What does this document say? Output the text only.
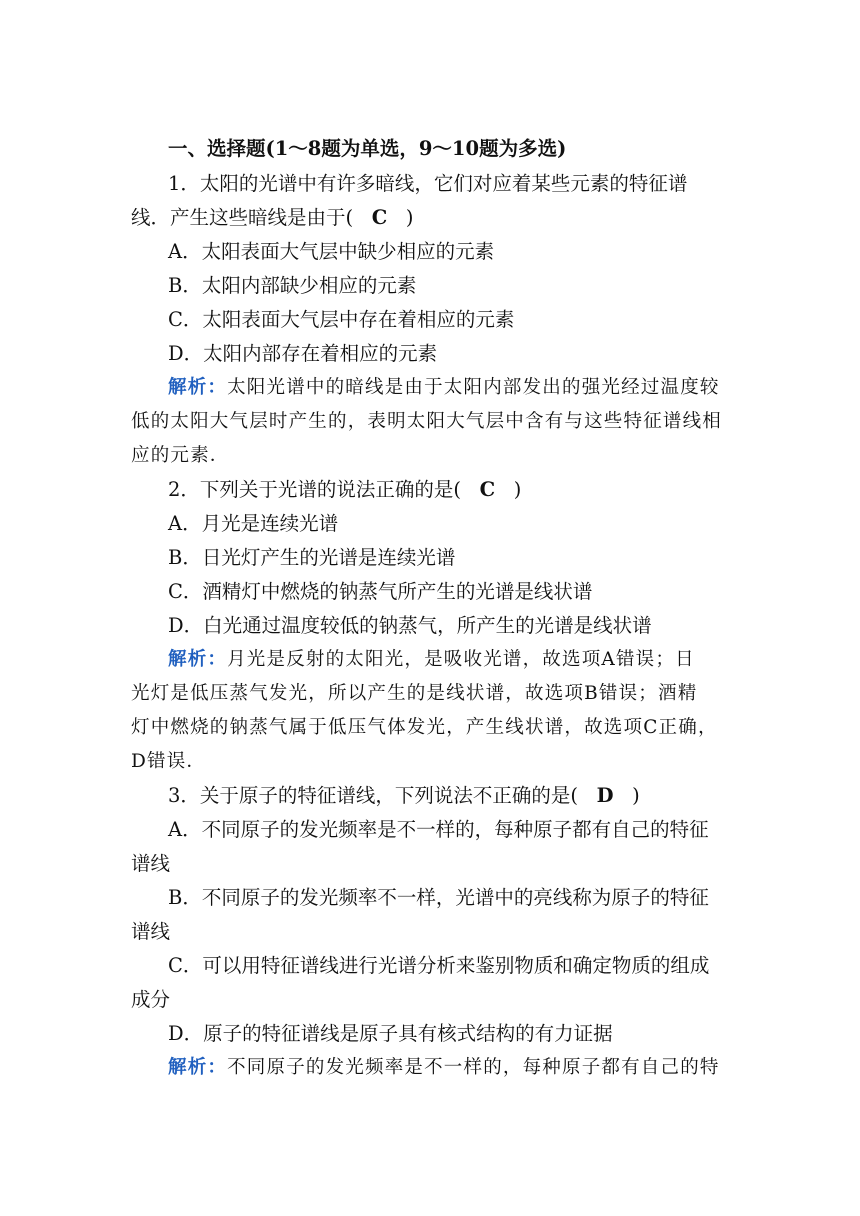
一、选择题(1～8题为单选，9～10题为多选)
1．太阳的光谱中有许多暗线，它们对应着某些元素的特征谱
线．产生这些暗线是由于( C )
A．太阳表面大气层中缺少相应的元素
B．太阳内部缺少相应的元素
C．太阳表面大气层中存在着相应的元素
D．太阳内部存在着相应的元素
解析：太阳光谱中的暗线是由于太阳内部发出的强光经过温度较
低的太阳大气层时产生的，表明太阳大气层中含有与这些特征谱线相
应的元素．
2．下列关于光谱的说法正确的是( C )
A．月光是连续光谱
B．日光灯产生的光谱是连续光谱
C．酒精灯中燃烧的钠蒸气所产生的光谱是线状谱
D．白光通过温度较低的钠蒸气，所产生的光谱是线状谱
解析：月光是反射的太阳光，是吸收光谱，故选项A错误；日
光灯是低压蒸气发光，所以产生的是线状谱，故选项B错误；酒精
灯中燃烧的钠蒸气属于低压气体发光，产生线状谱，故选项C正确，
D错误．
3．关于原子的特征谱线，下列说法不正确的是( D )
A．不同原子的发光频率是不一样的，每种原子都有自己的特征
谱线
B．不同原子的发光频率不一样，光谱中的亮线称为原子的特征
谱线
C．可以用特征谱线进行光谱分析来鉴别物质和确定物质的组成
成分
D．原子的特征谱线是原子具有核式结构的有力证据
解析：不同原子的发光频率是不一样的，每种原子都有自己的特
